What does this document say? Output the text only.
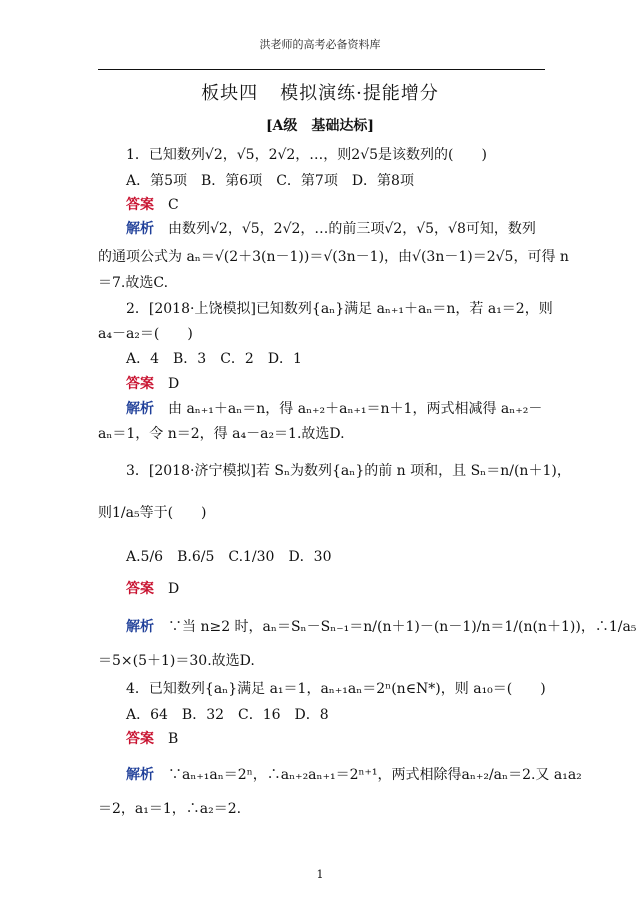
洪老师的高考必备资料库
板块四 模拟演练·提能增分
[A级　基础达标]
1．已知数列√2，√5，2√2，…，则2√5是该数列的(　　)
A．第5项　B．第6项　C．第7项　D．第8项
答案　 C
解析　 由数列√2，√5，2√2，…的前三项√2，√5，√8可知，数列
的通项公式为 aₙ＝√(2＋3(n－1))＝√(3n－1)，由√(3n－1)＝2√5，可得 n
＝7.故选C.
2．[2018·上饶模拟]已知数列{aₙ}满足 aₙ₊₁＋aₙ＝n，若 a₁＝2，则
a₄－a₂＝(　　)
A．4　B．3　C．2　D．1
答案　 D
解析　 由 aₙ₊₁＋aₙ＝n，得 aₙ₊₂＋aₙ₊₁＝n＋1，两式相减得 aₙ₊₂－
aₙ＝1，令 n＝2，得 a₄－a₂＝1.故选D.
3．[2018·济宁模拟]若 Sₙ为数列{aₙ}的前 n 项和，且 Sₙ＝n/(n＋1)，
则1/a₅等于(　　)
A.5/6　B.6/5　C.1/30　D．30
答案　 D
解析　 ∵当 n≥2 时，aₙ＝Sₙ－Sₙ₋₁＝n/(n＋1)－(n－1)/n＝1/(n(n＋1))，∴1/a₅
＝5×(5＋1)＝30.故选D.
4．已知数列{aₙ}满足 a₁＝1，aₙ₊₁aₙ＝2ⁿ(n∈N*)，则 a₁₀＝(　　)
A．64　B．32　C．16　D．8
答案　 B
解析　 ∵aₙ₊₁aₙ＝2ⁿ，∴aₙ₊₂aₙ₊₁＝2ⁿ⁺¹，两式相除得aₙ₊₂/aₙ＝2.又 a₁a₂
＝2，a₁＝1，∴a₂＝2.
1
